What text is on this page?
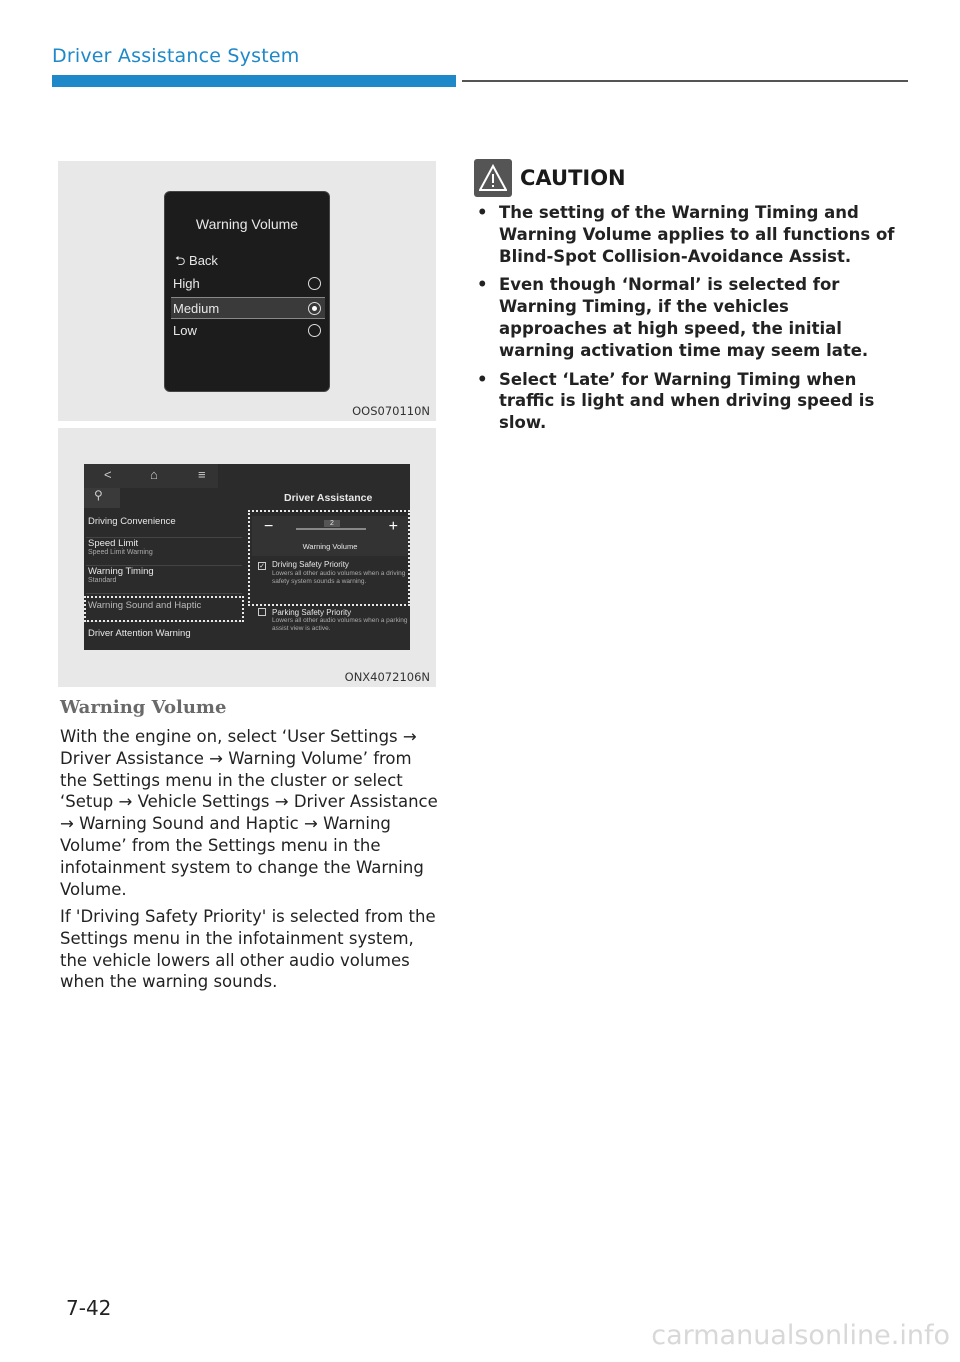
Driver Assistance System
Warning Volume
⮌ Back
High
Medium
Low
OOS070110N
<	⌂	≡
⚲	Driver Assistance
Driving Convenience
Speed Limit
Speed Limit Warning
Warning Timing
Standard
Warning Sound and Haptic
Driver Attention Warning
−	2	+
Warning Volume
✓ Driving Safety Priority
Lowers all other audio volumes when a driving safety system sounds a warning.
Parking Safety Priority
Lowers all other audio volumes when a parking assist view is active.
ONX4072106N
Warning Volume

With the engine on, select ‘User Settings → Driver Assistance → Warning Volume’ from the Settings menu in the cluster or select ‘Setup → Vehicle Settings → Driver Assistance → Warning Sound and Haptic → Warning Volume’ from the Settings menu in the infotainment system to change the Warning Volume.

If 'Driving Safety Priority' is selected from the Settings menu in the infotainment system, the vehicle lowers all other audio volumes when the warning sounds.

CAUTION
• The setting of the Warning Timing and Warning Volume applies to all functions of Blind-Spot Collision-Avoidance Assist.
• Even though ‘Normal’ is selected for Warning Timing, if the vehicles approaches at high speed, the initial warning activation time may seem late.
• Select ‘Late’ for Warning Timing when traffic is light and when driving speed is slow.
7-42
carmanualsonline.info
